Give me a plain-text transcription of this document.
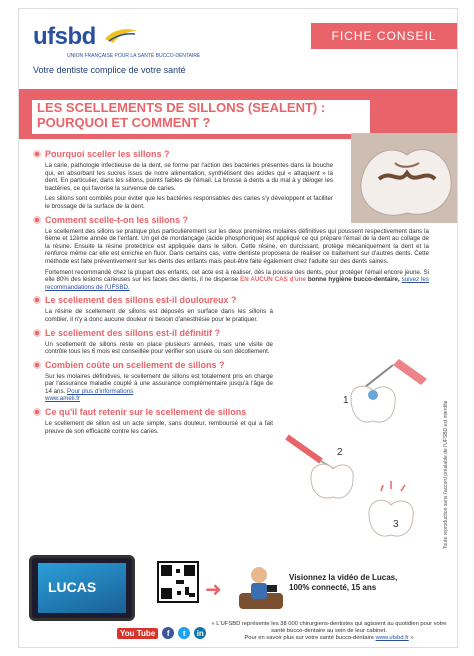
ufsbd
UNION FRANÇAISE POUR LA SANTÉ BUCCO-DENTAIRE
Votre dentiste complice de votre santé
FICHE CONSEIL
LES SCELLEMENTS DE SILLONS (SEALENT) :
POURQUOI ET COMMENT ?
Pourquoi sceller les sillons ?

La carie, pathologie infectieuse de la dent, se forme par l'action des bactéries présentes dans la bouche qui, en absorbant les sucres issus de notre alimentation, synthétisent des acides qui « attaquent » la dent. En particulier, dans les sillons, points faibles de l'émail. La brosse à dents a du mal à y déloger les bactéries, ce qui favorise la survenue de caries.

Les sillons sont comblés pour éviter que les bactéries responsables des caries s'y développent et faciliter le brossage de la surface de la dent.

Comment scelle-t-on les sillons ?

Le scellement des sillons se pratique plus particulièrement sur les deux premières molaires définitives qui poussent respectivement dans la 6ème et 12ème année de l'enfant. Un gel de mordançage (acide phosphorique) est appliqué ce qui prépare l'émail de la dent au collage de la résine. Ensuite la résine protectrice est appliquée dans le sillon. Cette résine, en durcissant, protège mécaniquement la dent et la renforce même car elle est enrichie en fluor. Dans certains cas, votre dentiste proposera de réaliser ce traitement sur d'autres dents. Cette méthode est faite préventivement sur les dents des enfants mais peut-être faite également chez l'adulte sur des dents saines.

Fortement recommandé chez la plupart des enfants, cet acte est à réaliser, dès la pousse des dents, pour protéger l'émail encore jeune. Si elle 80% des lésions carieuses sur les faces des dents, il ne dispense EN AUCUN CAS d'une bonne hygiène bucco-dentaire, suivez les recommandations de l'UFSBD.

Le scellement des sillons est-il douloureux ?

La résine de scellement de sillons est déposés en surface dans les sillons à combler, il n'y a donc aucune douleur ni besoin d'anesthésie pour le pratiquer.

Le scellement des sillons est-il définitif ?

Un scellement de sillons reste en place plusieurs années, mais une visite de contrôle tous les 6 mois est conseillée pour vérifier son usure ou son décollement.

Combien coûte un scellement de sillons ?

Sur les molaires définitives, le scellement de sillons est totalement pris en charge par l'assurance maladie couplé à une assurance complémentaire jusqu'à l'âge de 14 ans. Pour plus d'informations
www.ameli.fr

Ce qu'il faut retenir sur le scellement de sillons

Le scellement de sillon est un acte simple, sans douleur, remboursé et qui a fait preuve de son efficacité contre les caries.

1
2
3	Toute reproduction sans l'accord préalable de l'UFSBD est interdite
LUCAS	➜
Visionnez la vidéo de Lucas,
100% connecté, 15 ans
You Tube	f	t	in
« L'UFSBD représente les 38 000 chirurgiens-dentistes qui agissent au quotidien pour votre santé bucco-dentaire au sein de leur cabinet.
Pour en savoir plus sur votre santé bucco-dentaire www.ufsbd.fr »
